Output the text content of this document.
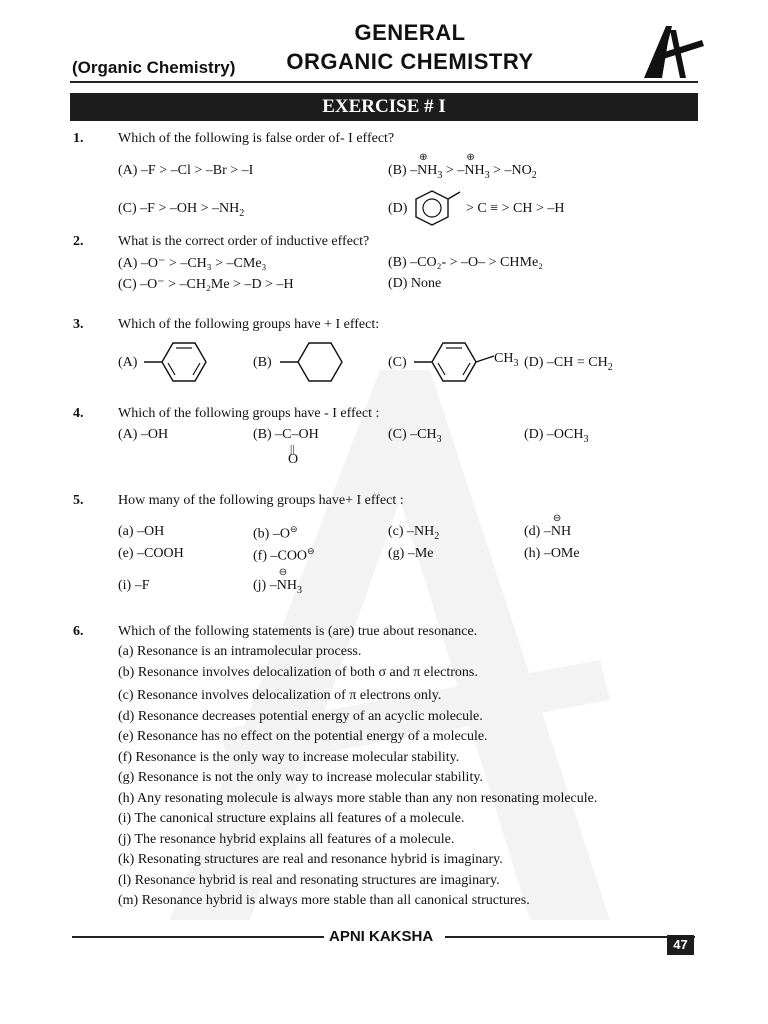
GENERAL
ORGANIC CHEMISTRY
(Organic Chemistry)
EXERCISE # I
1. Which of the following is false order of- I effect?
(A) –F > –Cl > –Br > –I	(B) –
⊕
$NH_3$ > –
⊕
$NH_3 > -NO_2$
(C) $-F > -OH > -NH_2$	(D)	> C ≡ > CH > –H
2. What is the correct order of inductive effect?
(A) –O⁻ > –CH₃ > –CMe₃	(B) –CO₂- > –O– > CHMe₂
(C) –O⁻ > –CH₂Me > –D > –H	(D) None
3. Which of the following groups have + I effect:
(A)	(B)	(C)	$CH_3$ (D) $-CH = CH_2$
4. Which of the following groups have - I effect :
(A) –OH	(B) –C–OH
||
O
(C) $-CH_3$	(D) $-OCH_3$
5. How many of the following groups have+ I effect :
(a) –OH	(b) –O⊖	(c) $-NH_2$	(d) –
⊖
NH
(e) –COOH	(f) –COO⊖	(g) –Me	(h) –OMe
(i) –F	(j) –
⊖
$NH_3$
6. Which of the following statements is (are) true about resonance.
(a) Resonance is an intramolecular process.
(b) Resonance involves delocalization of both σ and π electrons.
(c) Resonance involves delocalization of π electrons only.
(d) Resonance decreases potential energy of an acyclic molecule.
(e) Resonance has no effect on the potential energy of a molecule.
(f) Resonance is the only way to increase molecular stability.
(g) Resonance is not the only way to increase molecular stability.
(h) Any resonating molecule is always more stable than any non resonating molecule.
(i) The canonical structure explains all features of a molecule.
(j) The resonance hybrid explains all features of a molecule.
(k) Resonating structures are real and resonance hybrid is imaginary.
(l) Resonance hybrid is real and resonating structures are imaginary.
(m) Resonance hybrid is always more stable than all canonical structures.
APNI KAKSHA	47
